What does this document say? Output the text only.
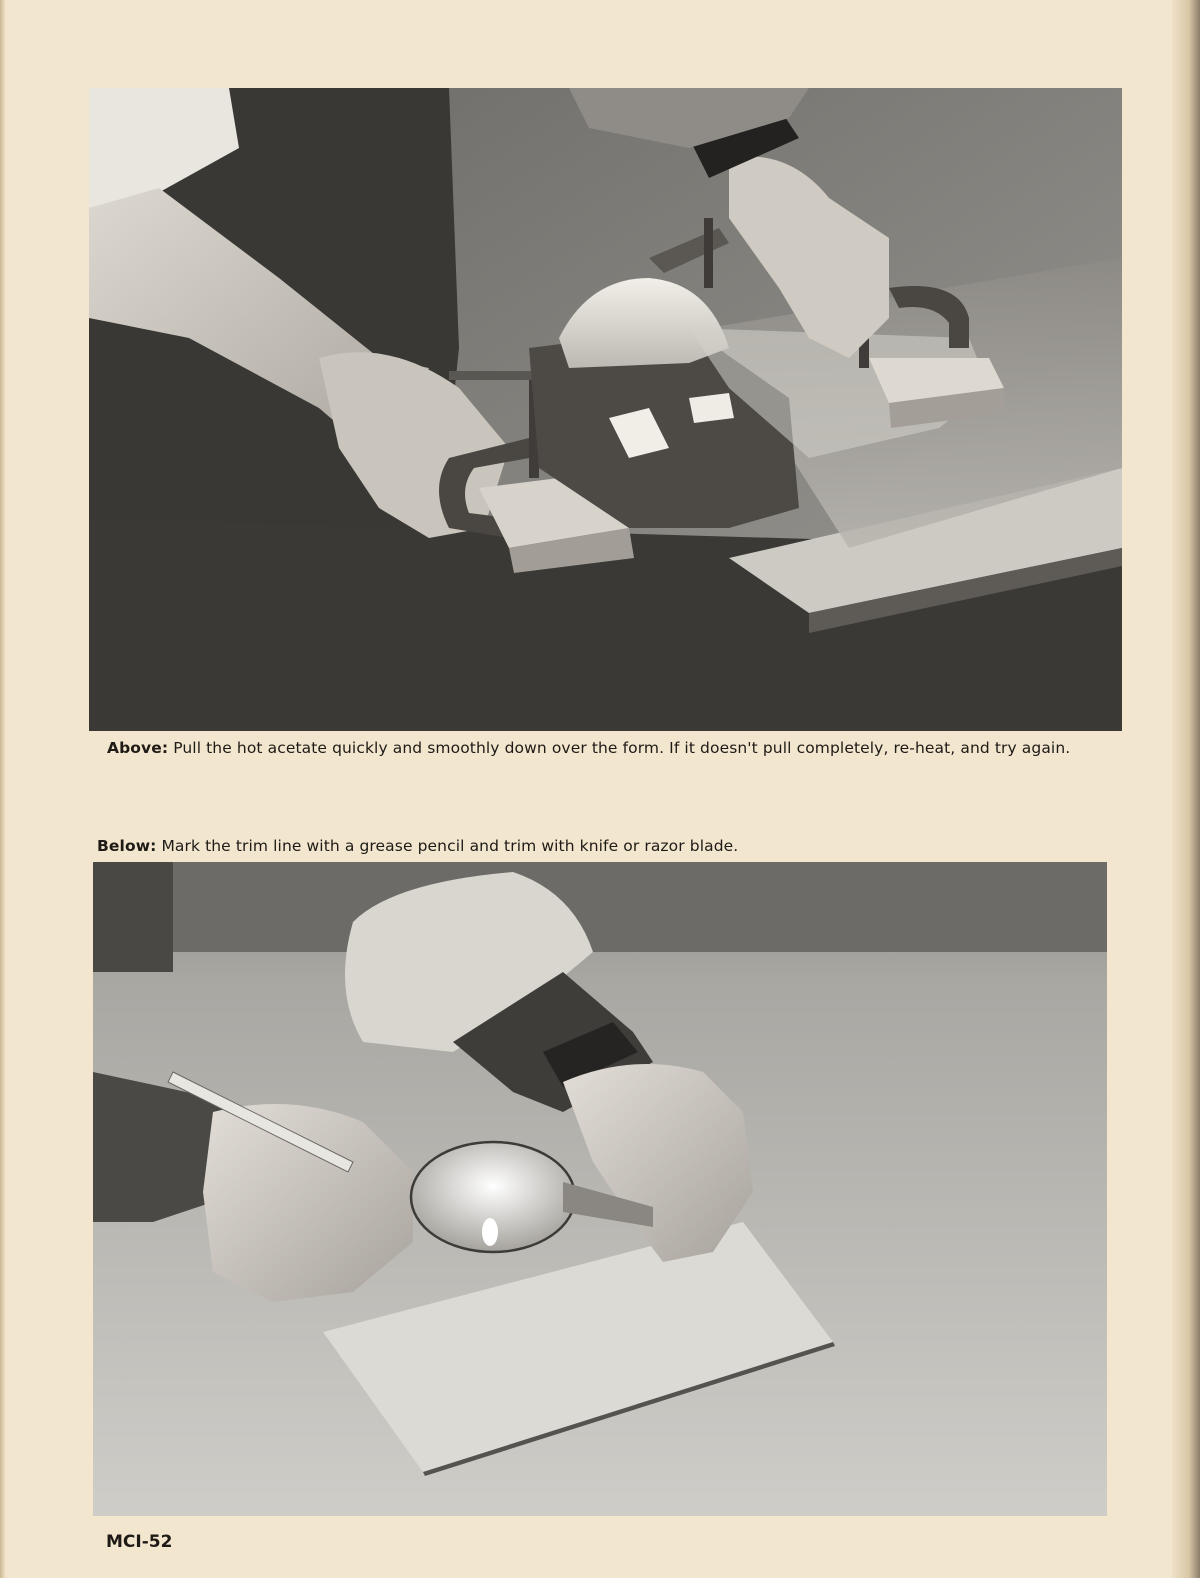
Above: Pull the hot acetate quickly and smoothly down over the form. If it doesn't pull completely, re-heat, and try again.
Below: Mark the trim line with a grease pencil and trim with knife or razor blade.
MCI-52
